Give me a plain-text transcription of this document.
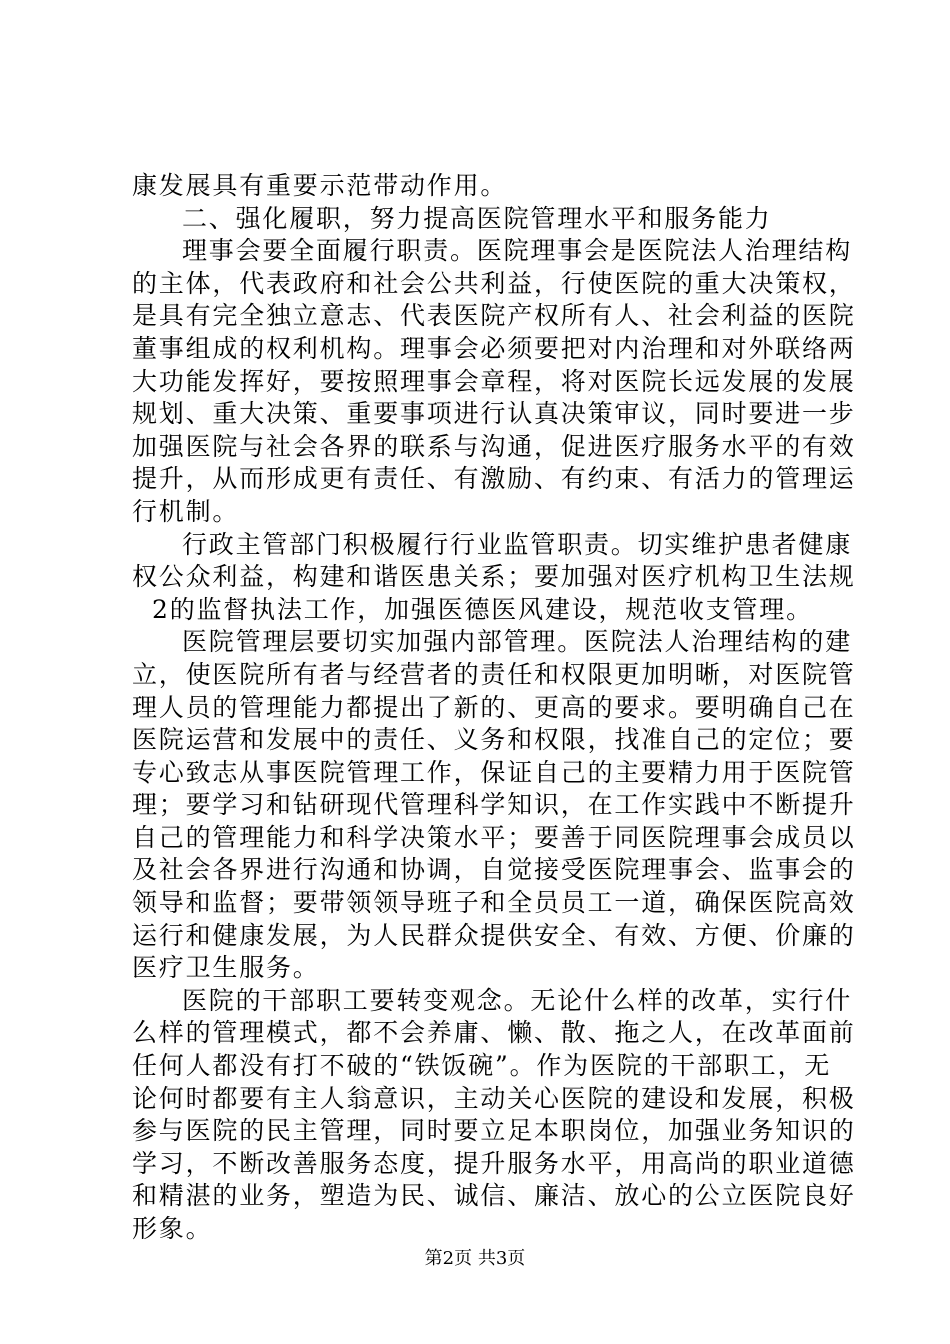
康发展具有重要示范带动作用。
二、强化履职，努力提高医院管理水平和服务能力
理事会要全面履行职责。医院理事会是医院法人治理结构
的主体，代表政府和社会公共利益，行使医院的重大决策权，
是具有完全独立意志、代表医院产权所有人、社会利益的医院
董事组成的权利机构。理事会必须要把对内治理和对外联络两
大功能发挥好，要按照理事会章程，将对医院长远发展的发展
规划、重大决策、重要事项进行认真决策审议，同时要进一步
加强医院与社会各界的联系与沟通，促进医疗服务水平的有效
提升，从而形成更有责任、有激励、有约束、有活力的管理运
行机制。
行政主管部门积极履行行业监管职责。切实维护患者健康
权公众利益，构建和谐医患关系；要加强对医疗机构卫生法规
2的监督执法工作，加强医德医风建设，规范收支管理。
医院管理层要切实加强内部管理。医院法人治理结构的建
立，使医院所有者与经营者的责任和权限更加明晰，对医院管
理人员的管理能力都提出了新的、更高的要求。要明确自己在
医院运营和发展中的责任、义务和权限，找准自己的定位；要
专心致志从事医院管理工作，保证自己的主要精力用于医院管
理；要学习和钻研现代管理科学知识，在工作实践中不断提升
自己的管理能力和科学决策水平；要善于同医院理事会成员以
及社会各界进行沟通和协调，自觉接受医院理事会、监事会的
领导和监督；要带领领导班子和全员员工一道，确保医院高效
运行和健康发展，为人民群众提供安全、有效、方便、价廉的
医疗卫生服务。
医院的干部职工要转变观念。无论什么样的改革，实行什
么样的管理模式，都不会养庸、懒、散、拖之人，在改革面前
任何人都没有打不破的“铁饭碗”。作为医院的干部职工，无
论何时都要有主人翁意识，主动关心医院的建设和发展，积极
参与医院的民主管理，同时要立足本职岗位，加强业务知识的
学习，不断改善服务态度，提升服务水平，用高尚的职业道德
和精湛的业务，塑造为民、诚信、廉洁、放心的公立医院良好
形象。
第2页 共3页
